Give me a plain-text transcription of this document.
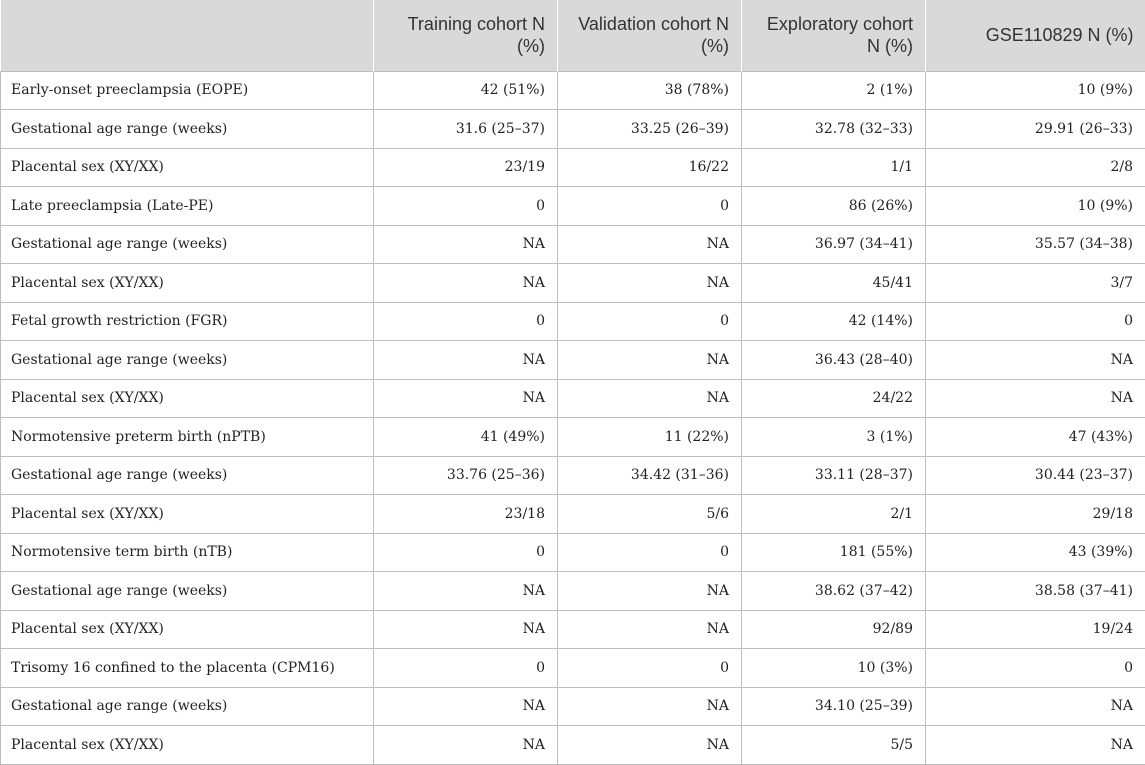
	Training cohort N (%)	Validation cohort N (%)	Exploratory cohort N (%)	GSE110829 N (%)
Early-onset preeclampsia (EOPE)	42 (51%)	38 (78%)	2 (1%)	10 (9%)
Gestational age range (weeks)	31.6 (25–37)	33.25 (26–39)	32.78 (32–33)	29.91 (26–33)
Placental sex (XY/XX)	23/19	16/22	1/1	2/8
Late preeclampsia (Late-PE)	0	0	86 (26%)	10 (9%)
Gestational age range (weeks)	NA	NA	36.97 (34–41)	35.57 (34–38)
Placental sex (XY/XX)	NA	NA	45/41	3/7
Fetal growth restriction (FGR)	0	0	42 (14%)	0
Gestational age range (weeks)	NA	NA	36.43 (28–40)	NA
Placental sex (XY/XX)	NA	NA	24/22	NA
Normotensive preterm birth (nPTB)	41 (49%)	11 (22%)	3 (1%)	47 (43%)
Gestational age range (weeks)	33.76 (25–36)	34.42 (31–36)	33.11 (28–37)	30.44 (23–37)
Placental sex (XY/XX)	23/18	5/6	2/1	29/18
Normotensive term birth (nTB)	0	0	181 (55%)	43 (39%)
Gestational age range (weeks)	NA	NA	38.62 (37–42)	38.58 (37–41)
Placental sex (XY/XX)	NA	NA	92/89	19/24
Trisomy 16 confined to the placenta (CPM16)	0	0	10 (3%)	0
Gestational age range (weeks)	NA	NA	34.10 (25–39)	NA
Placental sex (XY/XX)	NA	NA	5/5	NA
